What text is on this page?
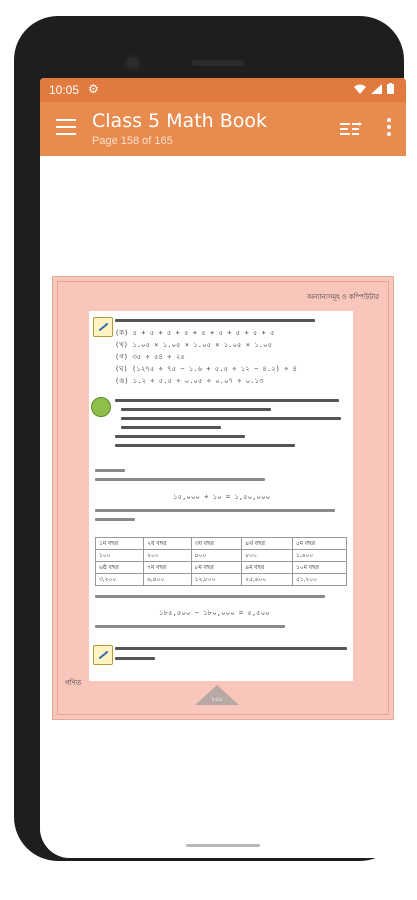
10:05 ⚙
Class 5 Math Book
Page 158 of 165
অন্যান্যসমূহ ও কম্পিউটার
গণিত
(ক) ৫ + ৫ + ৫ + ৫ + ৫ + ৫ + ৫ + ৫ + ৫
(খ) ১.০৫ × ১.০৫ × ১.০৫ × ১.০৫ × ১.০৫
(গ) ৩৫ ÷ ৫৪ ÷ ২৫
(ঘ) (১২৭৫ ÷ ৭৫ − ১.৬ + ৫.৫ ÷ ১২ − ৪.২) ÷ ৪
(ঙ) ১.২ ÷ ৫.৫ ÷ ০.০৫ ÷ ০.০৭ ÷ ০.১৩
১৫,০০০ + ১০ = ১,৫০,০০০
১ম বছর	২য় বছর	৩য় বছর	৪র্থ বছর	৫ম বছর
১০০	২০০	৪০০	৮০০	১,৬০০
৬ষ্ঠ বছর	৭ম বছর	৮ম বছর	৯ম বছর	১০ম বছর
৩,২০০	৬,৪০০	১২,৮০০	২৫,৬০০	৫১,২০০
১৮৫,৫০০ − ১৮০,০০০ = ৫,৫০০
১৫৮
